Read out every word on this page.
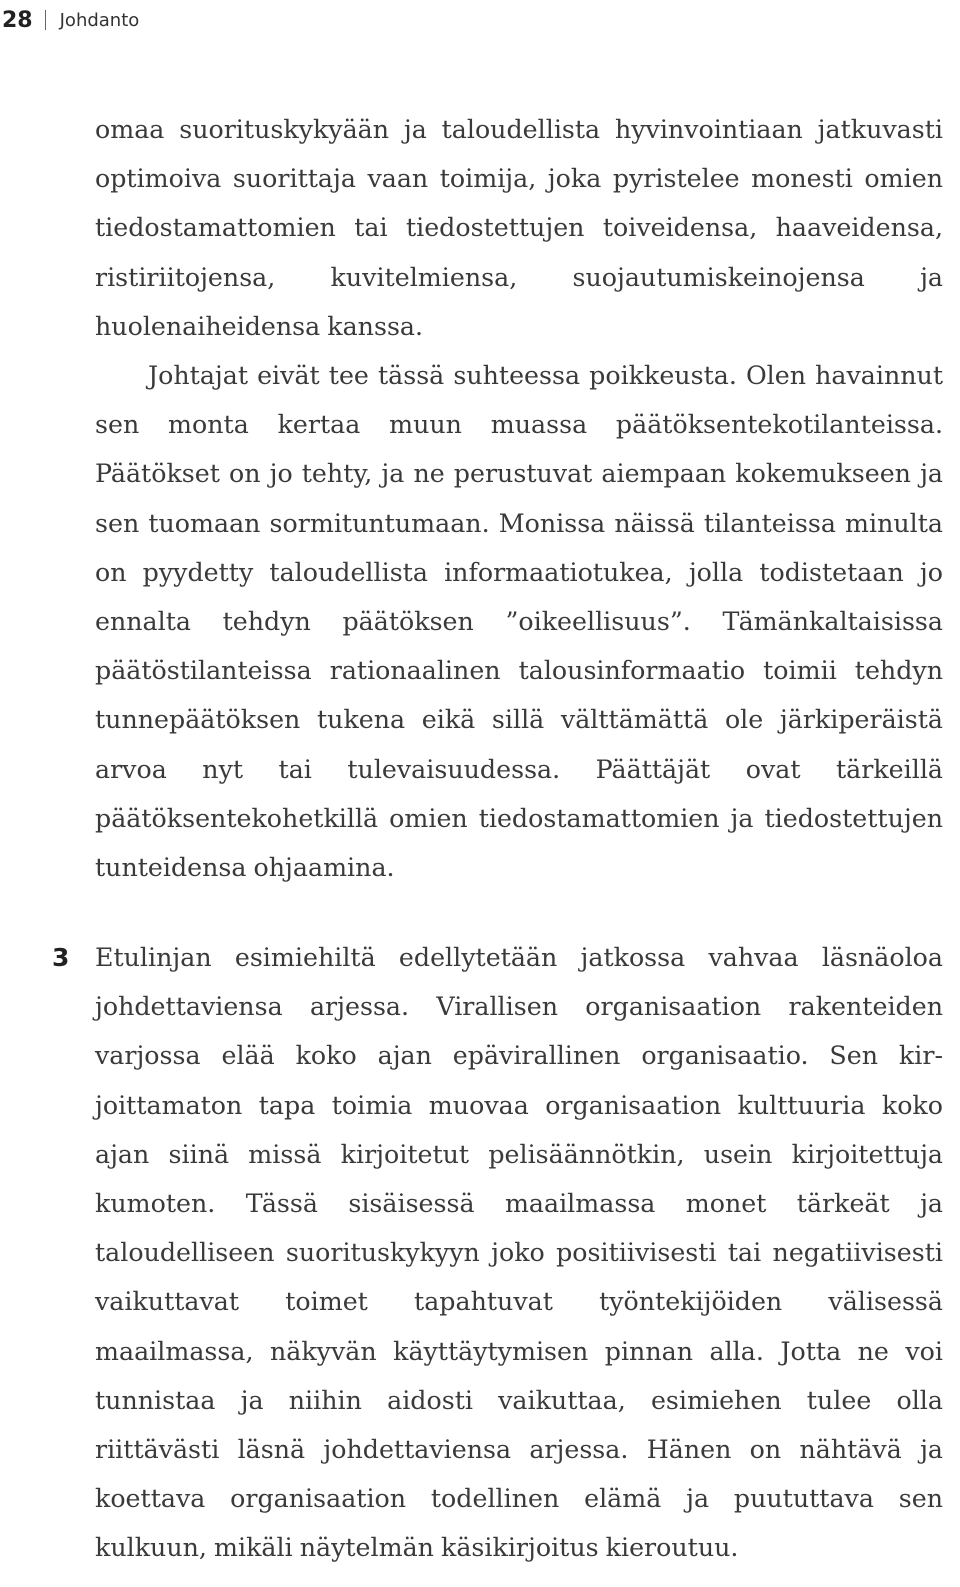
28 Johdanto

omaa suorituskykyään ja taloudellista hyvinvointiaan jatkuvasti optimoiva suorittaja vaan toimija, joka pyristelee monesti omien tiedostamattomien tai tiedostettujen toiveidensa, haaveidensa, ristiriitojensa, kuvitelmiensa, suojautumiskeinojensa ja huolenaiheidensa kanssa.

Johtajat eivät tee tässä suhteessa poikkeusta. Olen havainnut sen monta kertaa muun muassa päätöksentekotilanteissa. Päätökset on jo tehty, ja ne perustuvat aiempaan kokemukseen ja sen tuomaan sormituntumaan. Monissa näissä tilanteissa minulta on pyydetty taloudellista informaatiotukea, jolla todistetaan jo ennalta tehdyn päätöksen ”oikeellisuus”. Tämänkaltaisissa päätöstilanteissa rationaalinen talousinformaatio toimii tehdyn tunnepäätöksen tukena eikä sillä välttämättä ole järkiperäistä arvoa nyt tai tulevaisuudessa. Päättäjät ovat tärkeillä päätöksentekohetkillä omien tiedostamattomien ja tiedostettujen tunteidensa ohjaamina.

3 Etulinjan esimiehiltä edellytetään jatkossa vahvaa läsnäoloa johdettaviensa arjessa. Virallisen organisaation rakenteiden varjossa elää koko ajan epävirallinen organisaatio. Sen kirjoittamaton tapa toimia muovaa organisaation kulttuuria koko ajan siinä missä kirjoitetut pelisäännötkin, usein kirjoitettuja kumoten. Tässä sisäisessä maailmassa monet tärkeät ja taloudelliseen suorituskykyyn joko positiivisesti tai negatiivisesti vaikuttavat toimet tapahtuvat työntekijöiden välisessä maailmassa, näkyvän käyttäytymisen pinnan alla. Jotta ne voi tunnistaa ja niihin aidosti vaikuttaa, esimiehen tulee olla riittävästi läsnä johdettaviensa arjessa. Hänen on nähtävä ja koettava organisaation todellinen elämä ja puututtava sen kulkuun, mikäli näytelmän käsikirjoitus kieroutuu.
